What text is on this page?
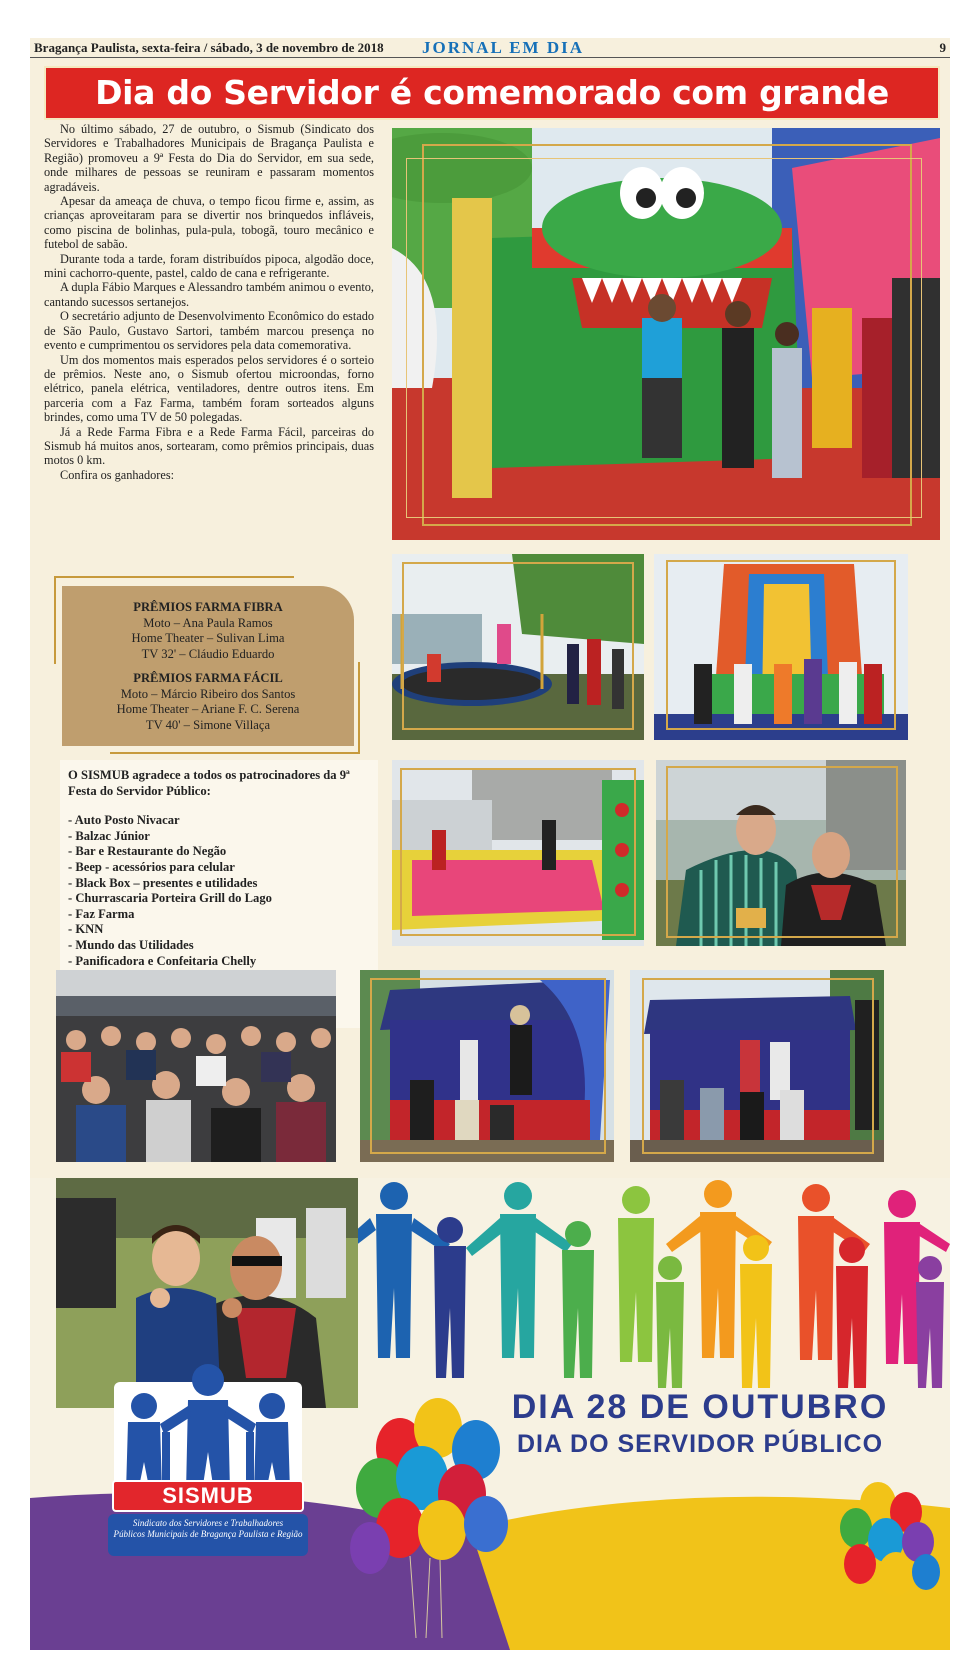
Bragança Paulista, sexta-feira / sábado, 3 de novembro de 2018 JORNAL EM DIA	9
Dia do Servidor é comemorado com grande

No último sábado, 27 de outubro, o Sismub (Sindicato dos Servidores e Trabalhadores Municipais de Bragança Paulista e Região) promoveu a 9ª Festa do Dia do Servidor, em sua sede, onde milhares de pessoas se reuniram e passaram momentos agradáveis.

Apesar da ameaça de chuva, o tempo ficou firme e, assim, as crianças aproveitaram para se divertir nos brinquedos infláveis, como piscina de bolinhas, pula-pula, tobogã, touro mecânico e futebol de sabão.

Durante toda a tarde, foram distribuídos pipoca, algodão doce, mini cachorro-quente, pastel, caldo de cana e refrigerante.

A dupla Fábio Marques e Alessandro também animou o evento, cantando sucessos sertanejos.

O secretário adjunto de Desenvolvimento Econômico do estado de São Paulo, Gustavo Sartori, também marcou presença no evento e cumprimentou os servidores pela data comemorativa.

Um dos momentos mais esperados pelos servidores é o sorteio de prêmios. Neste ano, o Sismub ofertou microondas, forno elétrico, panela elétrica, ventiladores, dentre outros itens. Em parceria com a Faz Farma, também foram sorteados alguns brindes, como uma TV de 50 polegadas.

Já a Rede Farma Fibra e a Rede Farma Fácil, parceiras do Sismub há muitos anos, sortearam, como prêmios principais, duas motos 0 km.

Confira os ganhadores:

PRÊMIOS FARMA FIBRA
Moto – Ana Paula Ramos
Home Theater – Sulivan Lima
TV 32' – Cláudio Eduardo
PRÊMIOS FARMA FÁCIL
Moto – Márcio Ribeiro dos Santos
Home Theater – Ariane F. C. Serena
TV 40' – Simone Villaça
O SISMUB agradece a todos os patrocinadores da 9ª Festa do Servidor Público:
- Auto Posto Nivacar
- Balzac Júnior
- Bar e Restaurante do Negão
- Beep - acessórios para celular
- Black Box – presentes e utilidades
- Churrascaria Porteira Grill do Lago
- Faz Farma
- KNN
- Mundo das Utilidades
- Panificadora e Confeitaria Chelly
DIA 28 DE OUTUBRO
DIA DO SERVIDOR PÚBLICO
SISMUB
Sindicato dos Servidores e Trabalhadores
Públicos Municipais de Bragança Paulista e Região
